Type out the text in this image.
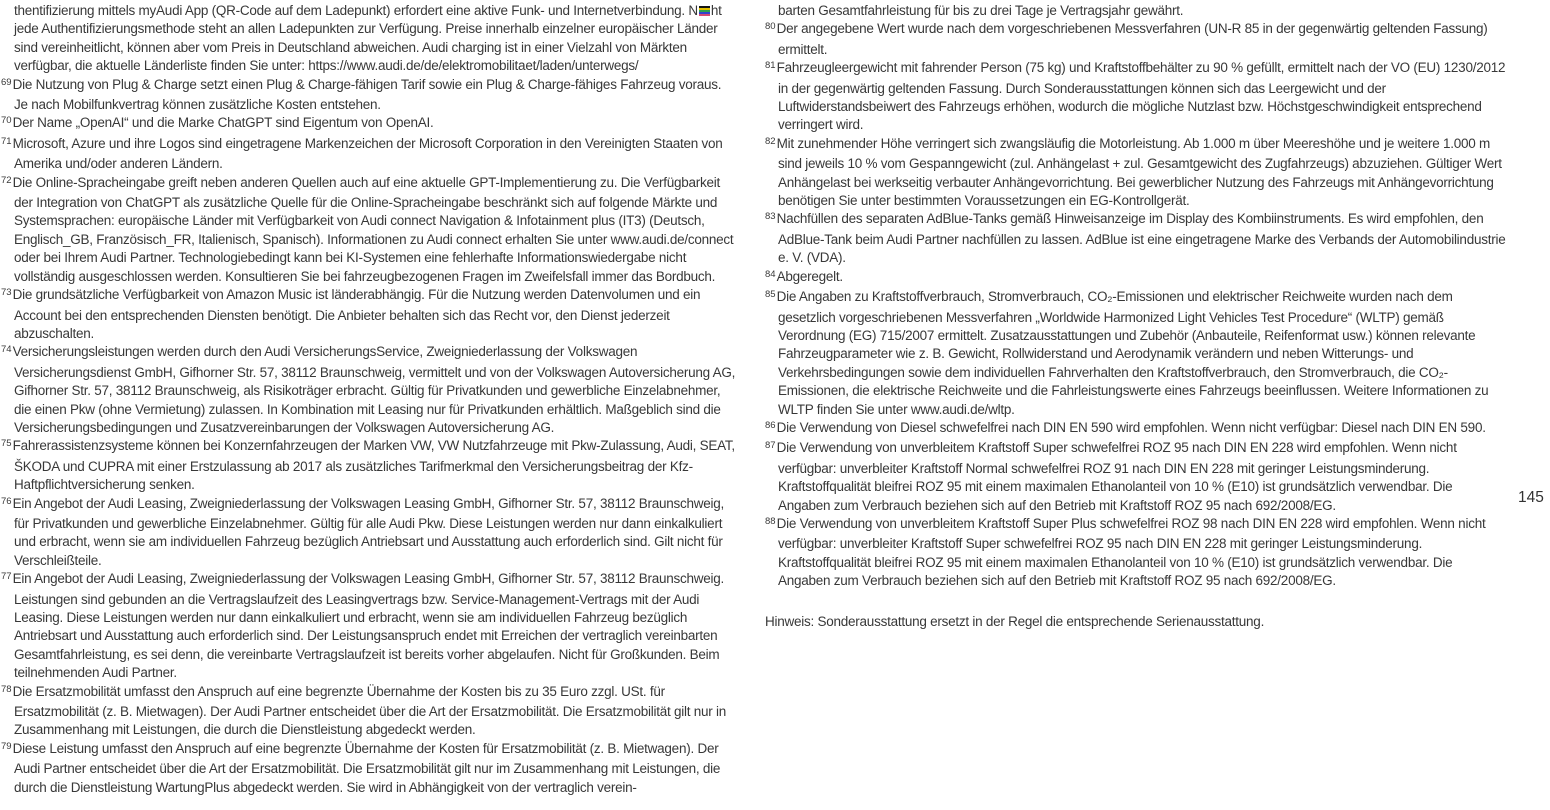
thentifizierung mittels myAudi App (QR-Code auf dem Ladepunkt) erfordert eine aktive Funk- und Internetverbindung. N ht jede Authentifizierungsmethode steht an allen Ladepunkten zur Verfügung. Preise innerhalb einzelner europäischer Länder sind vereinheitlicht, können aber vom Preis in Deutschland abweichen. Audi charging ist in einer Vielzahl von Märkten verfügbar, die aktuelle Länderliste finden Sie unter: https://www.audi.de/de/elektromobilitaet/laden/unterwegs/

$^{69}$Die Nutzung von Plug & Charge setzt einen Plug & Charge-fähigen Tarif sowie ein Plug & Charge-fähiges Fahrzeug voraus. Je nach Mobilfunkvertrag können zusätzliche Kosten entstehen.

$^{70}$Der Name „OpenAI“ und die Marke ChatGPT sind Eigentum von OpenAI.

$^{71}$Microsoft, Azure und ihre Logos sind eingetragene Markenzeichen der Microsoft Corporation in den Vereinigten Staaten von Amerika und/oder anderen Ländern.

$^{72}$Die Online-Spracheingabe greift neben anderen Quellen auch auf eine aktuelle GPT-Implementierung zu. Die Verfügbarkeit der Integration von ChatGPT als zusätzliche Quelle für die Online-Spracheingabe beschränkt sich auf folgende Märkte und Systemsprachen: europäische Länder mit Verfügbarkeit von Audi connect Navigation & Infotainment plus (IT3) (Deutsch, Englisch_GB, Französisch_FR, Italienisch, Spanisch). Informationen zu Audi connect erhalten Sie unter www.audi.de/connect oder bei Ihrem Audi Partner. Technologiebedingt kann bei KI-Systemen eine fehlerhafte Informationswiedergabe nicht vollständig ausgeschlossen werden. Konsultieren Sie bei fahrzeugbezogenen Fragen im Zweifelsfall immer das Bordbuch.

$^{73}$Die grundsätzliche Verfügbarkeit von Amazon Music ist länderabhängig. Für die Nutzung werden Datenvolumen und ein Account bei den entsprechenden Diensten benötigt. Die Anbieter behalten sich das Recht vor, den Dienst jederzeit abzuschalten.

$^{74}$Versicherungsleistungen werden durch den Audi VersicherungsService, Zweigniederlassung der Volkswagen Versicherungsdienst GmbH, Gifhorner Str. 57, 38112 Braunschweig, vermittelt und von der Volkswagen Autoversicherung AG, Gifhorner Str. 57, 38112 Braunschweig, als Risikoträger erbracht. Gültig für Privatkunden und gewerbliche Einzelabnehmer, die einen Pkw (ohne Vermietung) zulassen. In Kombination mit Leasing nur für Privatkunden erhältlich. Maßgeblich sind die Versicherungsbedingungen und Zusatzvereinbarungen der Volkswagen Autoversicherung AG.

$^{75}$Fahrerassistenzsysteme können bei Konzernfahrzeugen der Marken VW, VW Nutzfahrzeuge mit Pkw-Zulassung, Audi, SEAT, ŠKODA und CUPRA mit einer Erstzulassung ab 2017 als zusätzliches Tarifmerkmal den Versicherungsbeitrag der Kfz-Haftpflichtversicherung senken.

$^{76}$Ein Angebot der Audi Leasing, Zweigniederlassung der Volkswagen Leasing GmbH, Gifhorner Str. 57, 38112 Braunschweig, für Privatkunden und gewerbliche Einzelabnehmer. Gültig für alle Audi Pkw. Diese Leistungen werden nur dann einkalkuliert und erbracht, wenn sie am individuellen Fahrzeug bezüglich Antriebsart und Ausstattung auch erforderlich sind. Gilt nicht für Verschleißteile.

$^{77}$Ein Angebot der Audi Leasing, Zweigniederlassung der Volkswagen Leasing GmbH, Gifhorner Str. 57, 38112 Braunschweig. Leistungen sind gebunden an die Vertragslaufzeit des Leasingvertrags bzw. Service-Management-Vertrags mit der Audi Leasing. Diese Leistungen werden nur dann einkalkuliert und erbracht, wenn sie am individuellen Fahrzeug bezüglich Antriebsart und Ausstattung auch erforderlich sind. Der Leistungsanspruch endet mit Erreichen der vertraglich vereinbarten Gesamtfahrleistung, es sei denn, die vereinbarte Vertragslaufzeit ist bereits vorher abgelaufen. Nicht für Großkunden. Beim teilnehmenden Audi Partner.

$^{78}$Die Ersatzmobilität umfasst den Anspruch auf eine begrenzte Übernahme der Kosten bis zu 35 Euro zzgl. USt. für Ersatzmobilität (z. B. Mietwagen). Der Audi Partner entscheidet über die Art der Ersatzmobilität. Die Ersatzmobilität gilt nur in Zusammenhang mit Leistungen, die durch die Dienstleistung abgedeckt werden.

$^{79}$Diese Leistung umfasst den Anspruch auf eine begrenzte Übernahme der Kosten für Ersatzmobilität (z. B. Mietwagen). Der Audi Partner entscheidet über die Art der Ersatzmobilität. Die Ersatzmobilität gilt nur im Zusammenhang mit Leistungen, die durch die Dienstleistung WartungPlus abgedeckt werden. Sie wird in Abhängigkeit von der vertraglich verein-

barten Gesamtfahrleistung für bis zu drei Tage je Vertragsjahr gewährt.

$^{80}$Der angegebene Wert wurde nach dem vorgeschriebenen Messverfahren (UN-R 85 in der gegenwärtig geltenden Fassung) ermittelt.

$^{81}$Fahrzeugleergewicht mit fahrender Person (75 kg) und Kraftstoffbehälter zu 90 % gefüllt, ermittelt nach der VO (EU) 1230/2012 in der gegenwärtig geltenden Fassung. Durch Sonderausstattungen können sich das Leergewicht und der Luftwiderstandsbeiwert des Fahrzeugs erhöhen, wodurch die mögliche Nutzlast bzw. Höchstgeschwindigkeit entsprechend verringert wird.

$^{82}$Mit zunehmender Höhe verringert sich zwangsläufig die Motorleistung. Ab 1.000 m über Meereshöhe und je weitere 1.000 m sind jeweils 10 % vom Gespanngewicht (zul. Anhängelast + zul. Gesamtgewicht des Zugfahrzeugs) abzuziehen. Gültiger Wert Anhängelast bei werkseitig verbauter Anhängevorrichtung. Bei gewerblicher Nutzung des Fahrzeugs mit Anhängevorrichtung benötigen Sie unter bestimmten Voraussetzungen ein EG-Kontrollgerät.

$^{83}$Nachfüllen des separaten AdBlue-Tanks gemäß Hinweisanzeige im Display des Kombiinstruments. Es wird empfohlen, den AdBlue-Tank beim Audi Partner nachfüllen zu lassen. AdBlue ist eine eingetragene Marke des Verbands der Automobilindustrie e. V. (VDA).

$^{84}$Abgeregelt.

$^{85}$Die Angaben zu Kraftstoffverbrauch, Stromverbrauch, CO₂-Emissionen und elektrischer Reichweite wurden nach dem gesetzlich vorgeschriebenen Messverfahren „Worldwide Harmonized Light Vehicles Test Procedure“ (WLTP) gemäß Verordnung (EG) 715/2007 ermittelt. Zusatzausstattungen und Zubehör (Anbauteile, Reifenformat usw.) können relevante Fahrzeugparameter wie z. B. Gewicht, Rollwiderstand und Aerodynamik verändern und neben Witterungs- und Verkehrsbedingungen sowie dem individuellen Fahrverhalten den Kraftstoffverbrauch, den Stromverbrauch, die CO₂-Emissionen, die elektrische Reichweite und die Fahrleistungswerte eines Fahrzeugs beeinflussen. Weitere Informationen zu WLTP finden Sie unter www.audi.de/wltp.

$^{86}$Die Verwendung von Diesel schwefelfrei nach DIN EN 590 wird empfohlen. Wenn nicht verfügbar: Diesel nach DIN EN 590.

$^{87}$Die Verwendung von unverbleitem Kraftstoff Super schwefelfrei ROZ 95 nach DIN EN 228 wird empfohlen. Wenn nicht verfügbar: unverbleiter Kraftstoff Normal schwefelfrei ROZ 91 nach DIN EN 228 mit geringer Leistungsminderung. Kraftstoffqualität bleifrei ROZ 95 mit einem maximalen Ethanolanteil von 10 % (E10) ist grundsätzlich verwendbar. Die Angaben zum Verbrauch beziehen sich auf den Betrieb mit Kraftstoff ROZ 95 nach 692/2008/EG.

$^{88}$Die Verwendung von unverbleitem Kraftstoff Super Plus schwefelfrei ROZ 98 nach DIN EN 228 wird empfohlen. Wenn nicht verfügbar: unverbleiter Kraftstoff Super schwefelfrei ROZ 95 nach DIN EN 228 mit geringer Leistungsminderung. Kraftstoffqualität bleifrei ROZ 95 mit einem maximalen Ethanolanteil von 10 % (E10) ist grundsätzlich verwendbar. Die Angaben zum Verbrauch beziehen sich auf den Betrieb mit Kraftstoff ROZ 95 nach 692/2008/EG.

Hinweis: Sonderausstattung ersetzt in der Regel die entsprechende Serienausstattung.

145
